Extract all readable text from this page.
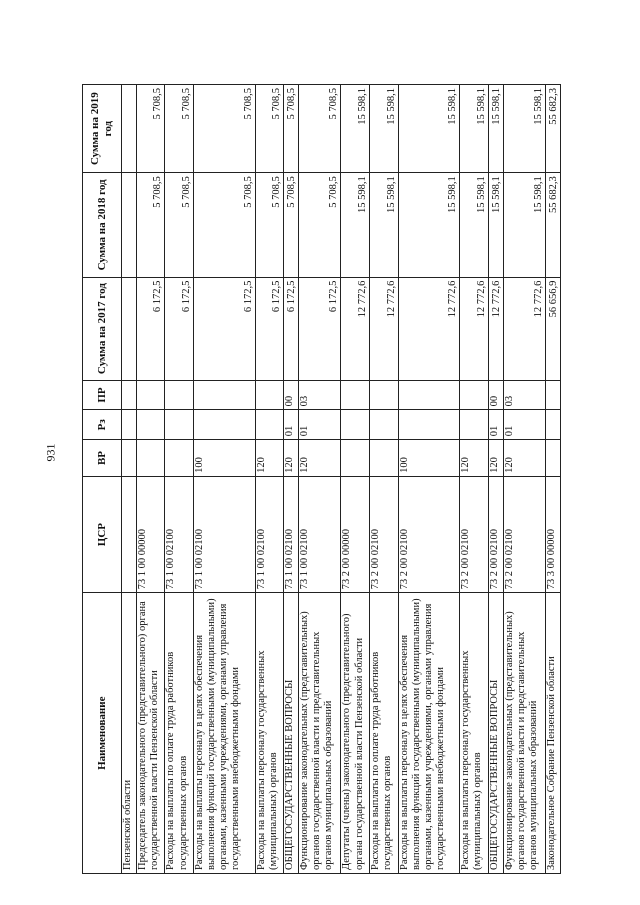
931
Наименование	ЦСР	ВР	Рз	ПР	Сумма на 2017 год	Сумма на 2018 год	Сумма на 2019 год
Пензенской области							
Председатель законодательного (представительного) органа государственной власти Пензенской области	73 1 00 00000				6 172,5	5 708,5	5 708,5
Расходы на выплаты по оплате труда работников государственных органов	73 1 00 02100				6 172,5	5 708,5	5 708,5
Расходы на выплаты персоналу в целях обеспечения выполнения функций государственными (муниципальными) органами, казенными учреждениями, органами управления государственными внебюджетными фондами	73 1 00 02100	100			6 172,5	5 708,5	5 708,5
Расходы на выплаты персоналу государственных (муниципальных) органов	73 1 00 02100	120			6 172,5	5 708,5	5 708,5
ОБЩЕГОСУДАРСТВЕННЫЕ ВОПРОСЫ	73 1 00 02100	120	01	00	6 172,5	5 708,5	5 708,5
Функционирование законодательных (представительных) органов государственной власти и представительных органов муниципальных образований	73 1 00 02100	120	01	03	6 172,5	5 708,5	5 708,5
Депутаты (члены) законодательного (представительного) органа государственной власти Пензенской области	73 2 00 00000				12 772,6	15 598,1	15 598,1
Расходы на выплаты по оплате труда работников государственных органов	73 2 00 02100				12 772,6	15 598,1	15 598,1
Расходы на выплаты персоналу в целях обеспечения выполнения функций государственными (муниципальными) органами, казенными учреждениями, органами управления государственными внебюджетными фондами	73 2 00 02100	100			12 772,6	15 598,1	15 598,1
Расходы на выплаты персоналу государственных (муниципальных) органов	73 2 00 02100	120			12 772,6	15 598,1	15 598,1
ОБЩЕГОСУДАРСТВЕННЫЕ ВОПРОСЫ	73 2 00 02100	120	01	00	12 772,6	15 598,1	15 598,1
Функционирование законодательных (представительных) органов государственной власти и представительных органов муниципальных образований	73 2 00 02100	120	01	03	12 772,6	15 598,1	15 598,1
Законодательное Собрание Пензенской области	73 3 00 00000				56 656,9	55 682,3	55 682,3
